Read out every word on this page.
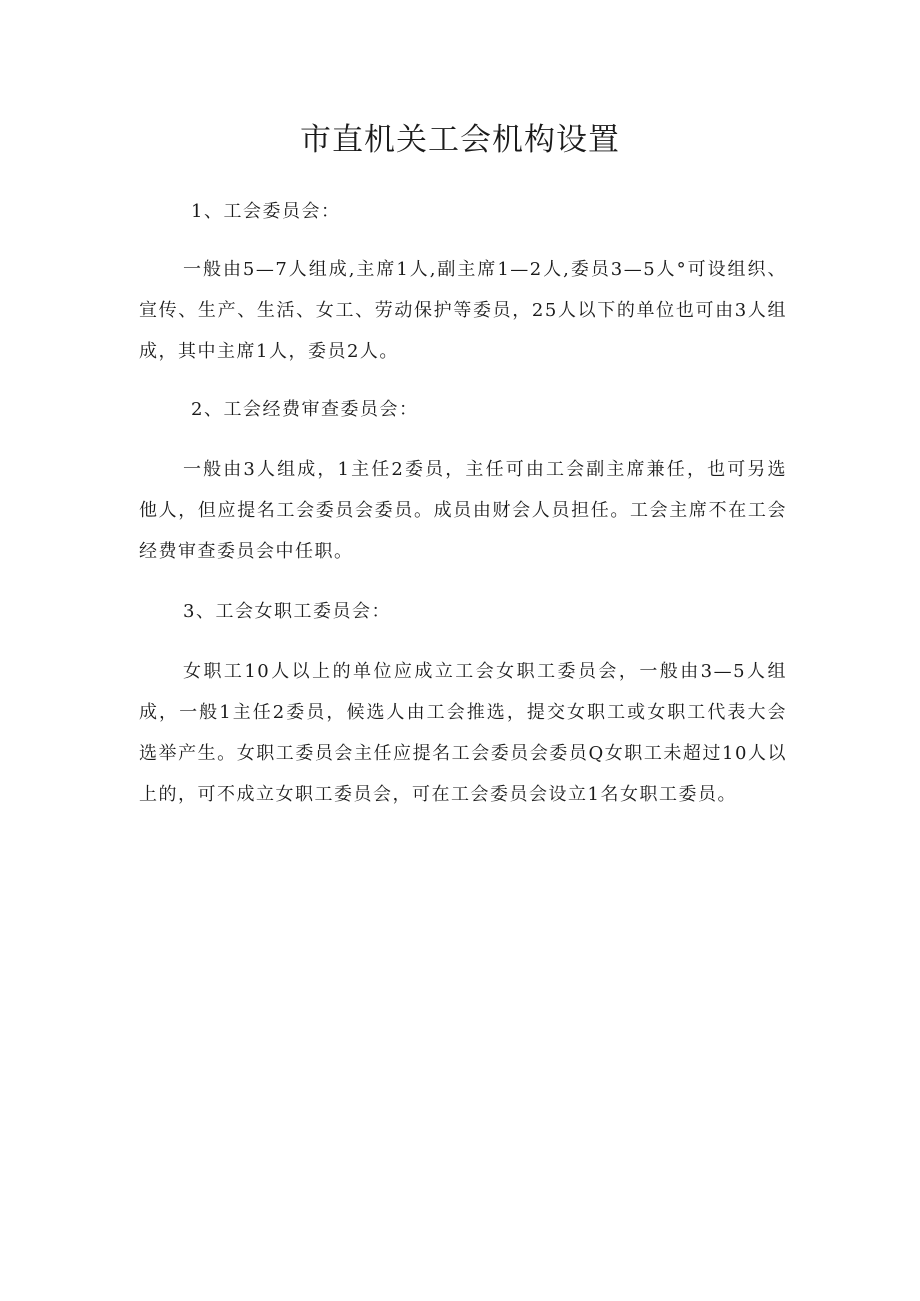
市直机关工会机构设置

1、工会委员会：

一般由5—7人组成,主席1人,副主席1—2人,委员3—5人°可设组织、宣传、生产、生活、女工、劳动保护等委员，25人以下的单位也可由3人组成，其中主席1人，委员2人。

2、工会经费审查委员会：

一般由3人组成，1主任2委员，主任可由工会副主席兼任，也可另选他人，但应提名工会委员会委员。成员由财会人员担任。工会主席不在工会经费审查委员会中任职。

3、工会女职工委员会：

女职工10人以上的单位应成立工会女职工委员会，一般由3—5人组成，一般1主任2委员，候选人由工会推选，提交女职工或女职工代表大会选举产生。女职工委员会主任应提名工会委员会委员Q女职工未超过10人以上的，可不成立女职工委员会，可在工会委员会设立1名女职工委员。
